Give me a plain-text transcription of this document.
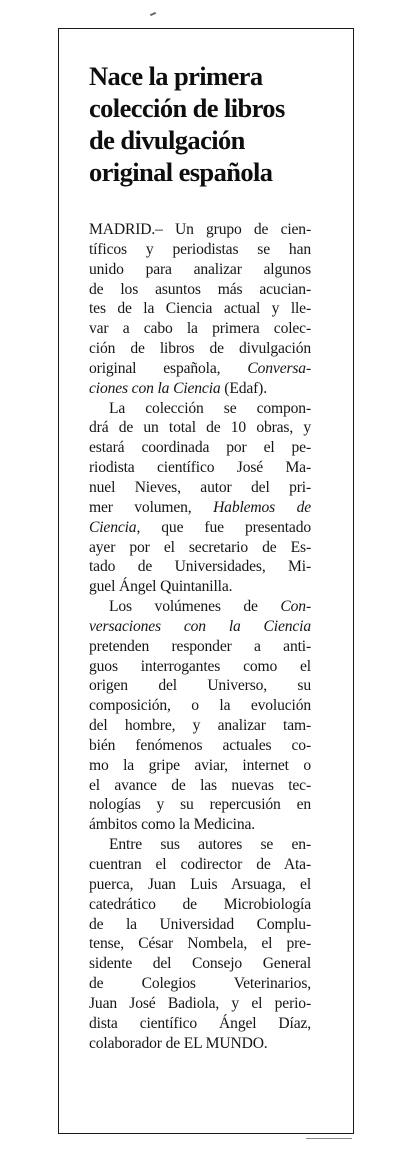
Nace la primera
colección de libros
de divulgación
original española

MADRID.– Un grupo de cien-
tíficos y periodistas se han
unido para analizar algunos
de los asuntos más acucian-
tes de la Ciencia actual y lle-
var a cabo la primera colec-
ción de libros de divulgación
original española, Conversa-
ciones con la Ciencia (Edaf).

La colección se compon-
drá de un total de 10 obras, y
estará coordinada por el pe-
riodista científico José Ma-
nuel Nieves, autor del pri-
mer volumen, Hablemos de
Ciencia, que fue presentado
ayer por el secretario de Es-
tado de Universidades, Mi-
guel Ángel Quintanilla.

Los volúmenes de Con-
versaciones con la Ciencia
pretenden responder a anti-
guos interrogantes como el
origen del Universo, su
composición, o la evolución
del hombre, y analizar tam-
bién fenómenos actuales co-
mo la gripe aviar, internet o
el avance de las nuevas tec-
nologías y su repercusión en
ámbitos como la Medicina.

Entre sus autores se en-
cuentran el codirector de Ata-
puerca, Juan Luis Arsuaga, el
catedrático de Microbiología
de la Universidad Complu-
tense, César Nombela, el pre-
sidente del Consejo General
de Colegios Veterinarios,
Juan José Badiola, y el perio-
dista científico Ángel Díaz,
colaborador de EL MUNDO.
